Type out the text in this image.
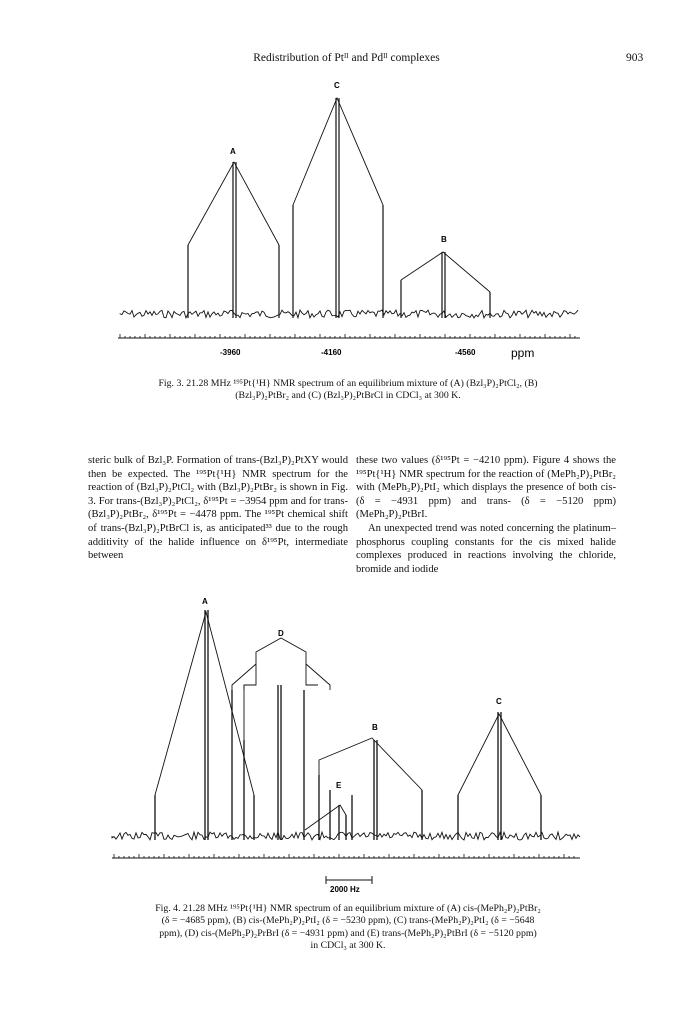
Redistribution of Ptᴵᴵ and Pdᴵᴵ complexes	903
A
B
C
-3960	-4160	-4560	ppm
Fig. 3. 21.28 MHz ¹⁹⁵Pt{¹H} NMR spectrum of an equilibrium mixture of (A) (Bzl₃P)₂PtCl₂, (B)
(Bzl₃P)₂PtBr₂ and (C) (Bzl₃P)₂PtBrCl in CDCl₃ at 300 K.

steric bulk of Bzl₃P. Formation of trans-(Bzl₃P)₂PtXY would then be expected. The ¹⁹⁵Pt{¹H} NMR spectrum for the reaction of (Bzl₃P)₂PtCl₂ with (Bzl₃P)₂PtBr₂ is shown in Fig. 3. For trans-(Bzl₃P)₂PtCl₂, δ¹⁹⁵Pt = −3954 ppm and for trans-(Bzl₃P)₂PtBr₂, δ¹⁹⁵Pt = −4478 ppm. The ¹⁹⁵Pt chemical shift of trans-(Bzl₃P)₂PtBrCl is, as anticipated³³ due to the rough additivity of the halide influence on δ¹⁹⁵Pt, intermediate between

these two values (δ¹⁹⁵Pt = −4210 ppm). Figure 4 shows the ¹⁹⁵Pt{¹H} NMR spectrum for the reaction of (MePh₂P)₂PtBr₂ with (MePh₂P)₂PtI₂ which displays the presence of both cis- (δ = −4931 ppm) and trans- (δ = −5120 ppm) (MePh₂P)₂PtBrI.

An unexpected trend was noted concerning the platinum–phosphorus coupling constants for the cis mixed halide complexes produced in reactions involving the chloride, bromide and iodide

A
B
C
D
E
2000 Hz
Fig. 4. 21.28 MHz ¹⁹⁵Pt{¹H} NMR spectrum of an equilibrium mixture of (A) cis-(MePh₂P)₂PtBr₂
(δ = −4685 ppm), (B) cis-(MePh₂P)₂PtI₂ (δ = −5230 ppm), (C) trans-(MePh₂P)₂PtI₂ (δ = −5648
ppm), (D) cis-(MePh₂P)₂PrBrI (δ = −4931 ppm) and (E) trans-(MePh₂P)₂PtBrI (δ = −5120 ppm)
in CDCl₃ at 300 K.
